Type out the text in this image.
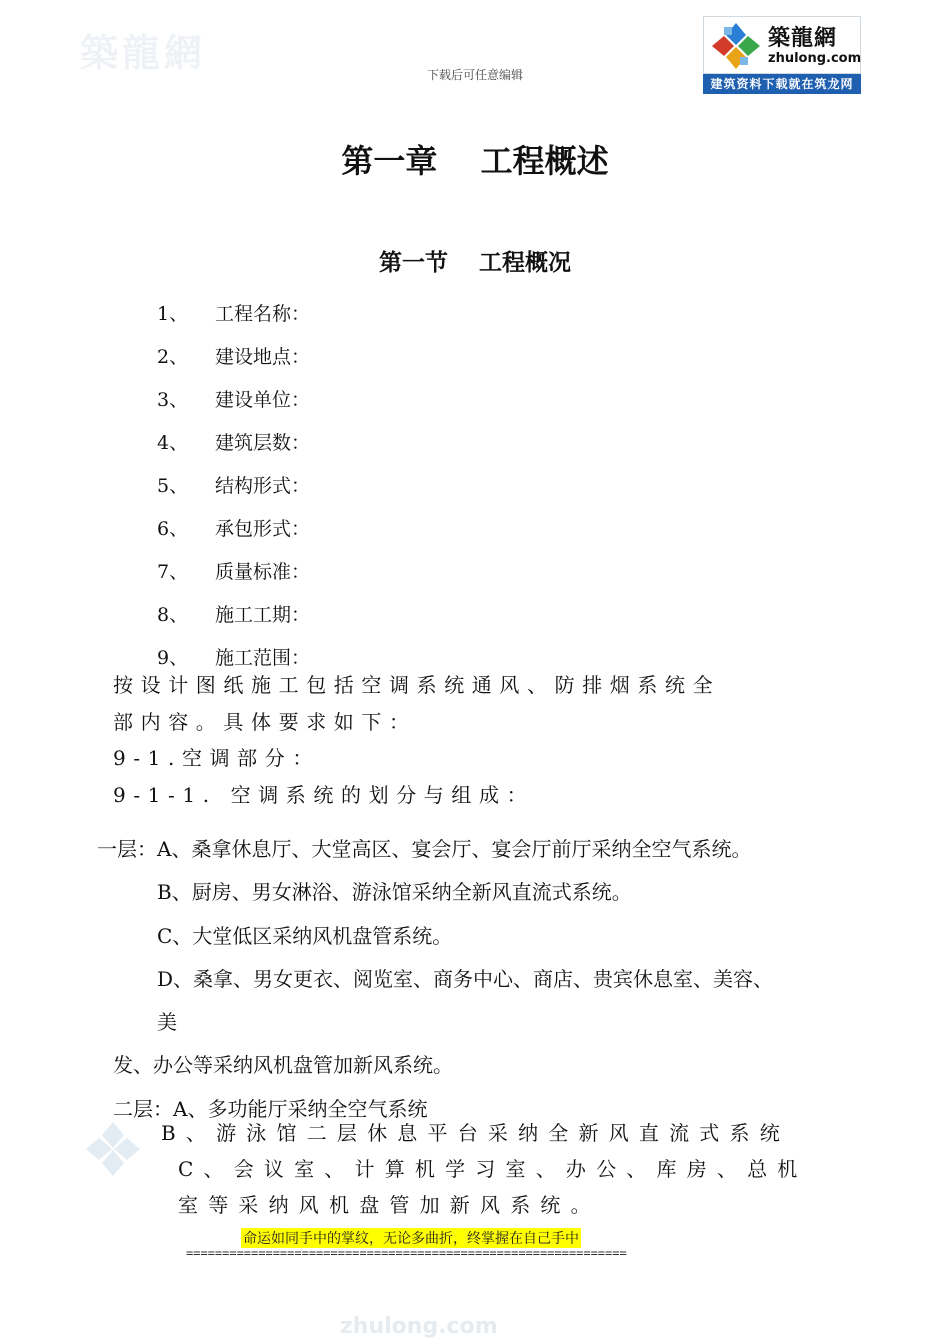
築龍網
zhulong.com
下载后可任意编辑
築龍網
zhulong.com
建筑资料下载就在筑龙网
第一章　 工程概述
第一节　 工程概况
1、 工程名称：
2、 建设地点：
3、 建设单位：
4、 建筑层数：
5、 结构形式：
6、 承包形式：
7、 质量标准：
8、 施工工期：
9、 施工范围：
按设计图纸施工包括空调系统通风、防排烟系统全
部内容。具体要求如下：
9-1.空调部分：
9-1-1. 空调系统的划分与组成：
一层：A、桑拿休息厅、大堂高区、宴会厅、宴会厅前厅采纳全空气系统。
B、厨房、男女淋浴、游泳馆采纳全新风直流式系统。
C、大堂低区采纳风机盘管系统。
D、桑拿、男女更衣、阅览室、商务中心、商店、贵宾休息室、美容、
美
发、办公等采纳风机盘管加新风系统。
二层：A、多功能厅采纳全空气系统
B、游泳馆二层休息平台采纳全新风直流式系统
C、会议室、计算机学习室、办公、库房、总机
室等采纳风机盘管加新风系统。
命运如同手中的掌纹，无论多曲折，终掌握在自己手中
=============================================================
